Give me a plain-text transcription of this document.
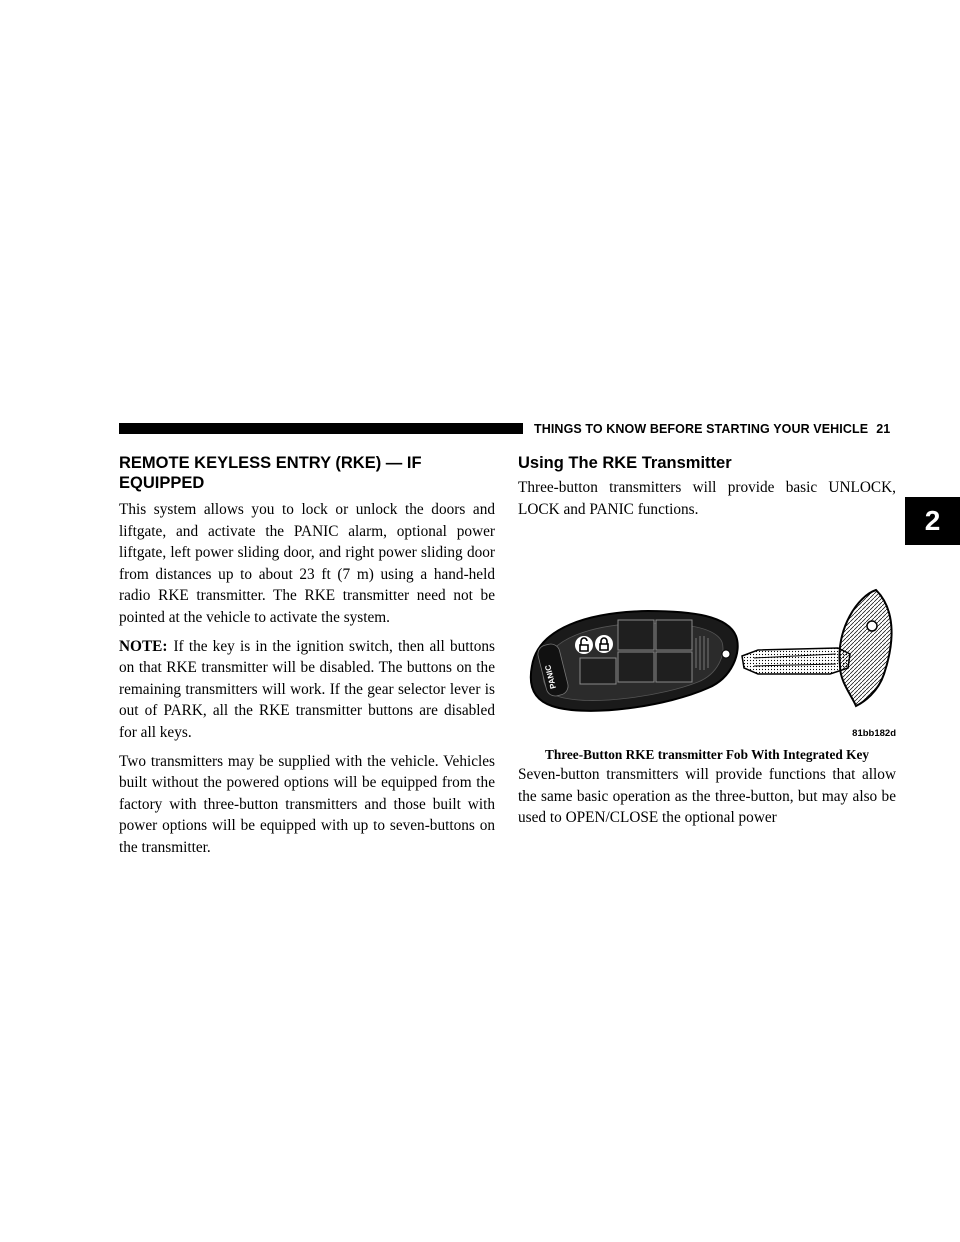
THINGS TO KNOW BEFORE STARTING YOUR VEHICLE 21
2
REMOTE KEYLESS ENTRY (RKE) — IF
EQUIPPED

This system allows you to lock or unlock the doors and liftgate, and activate the PANIC alarm, optional power liftgate, left power sliding door, and right power sliding door from distances up to about 23 ft (7 m) using a hand-held radio RKE transmitter. The RKE transmitter need not be pointed at the vehicle to activate the system.

NOTE: If the key is in the ignition switch, then all buttons on that RKE transmitter will be disabled. The buttons on the remaining transmitters will work. If the gear selector lever is out of PARK, all the RKE transmitter buttons are disabled for all keys.

Two transmitters may be supplied with the vehicle. Vehicles built without the powered options will be equipped from the factory with three-button transmitters and those built with power options will be equipped with up to seven-buttons on the transmitter.

Using The RKE Transmitter

Three-button transmitters will provide basic UNLOCK, LOCK and PANIC functions.

PANIC
81bb182d
Three-Button RKE transmitter Fob With Integrated Key

Seven-button transmitters will provide functions that allow the same basic operation as the three-button, but may also be used to OPEN/CLOSE the optional power
